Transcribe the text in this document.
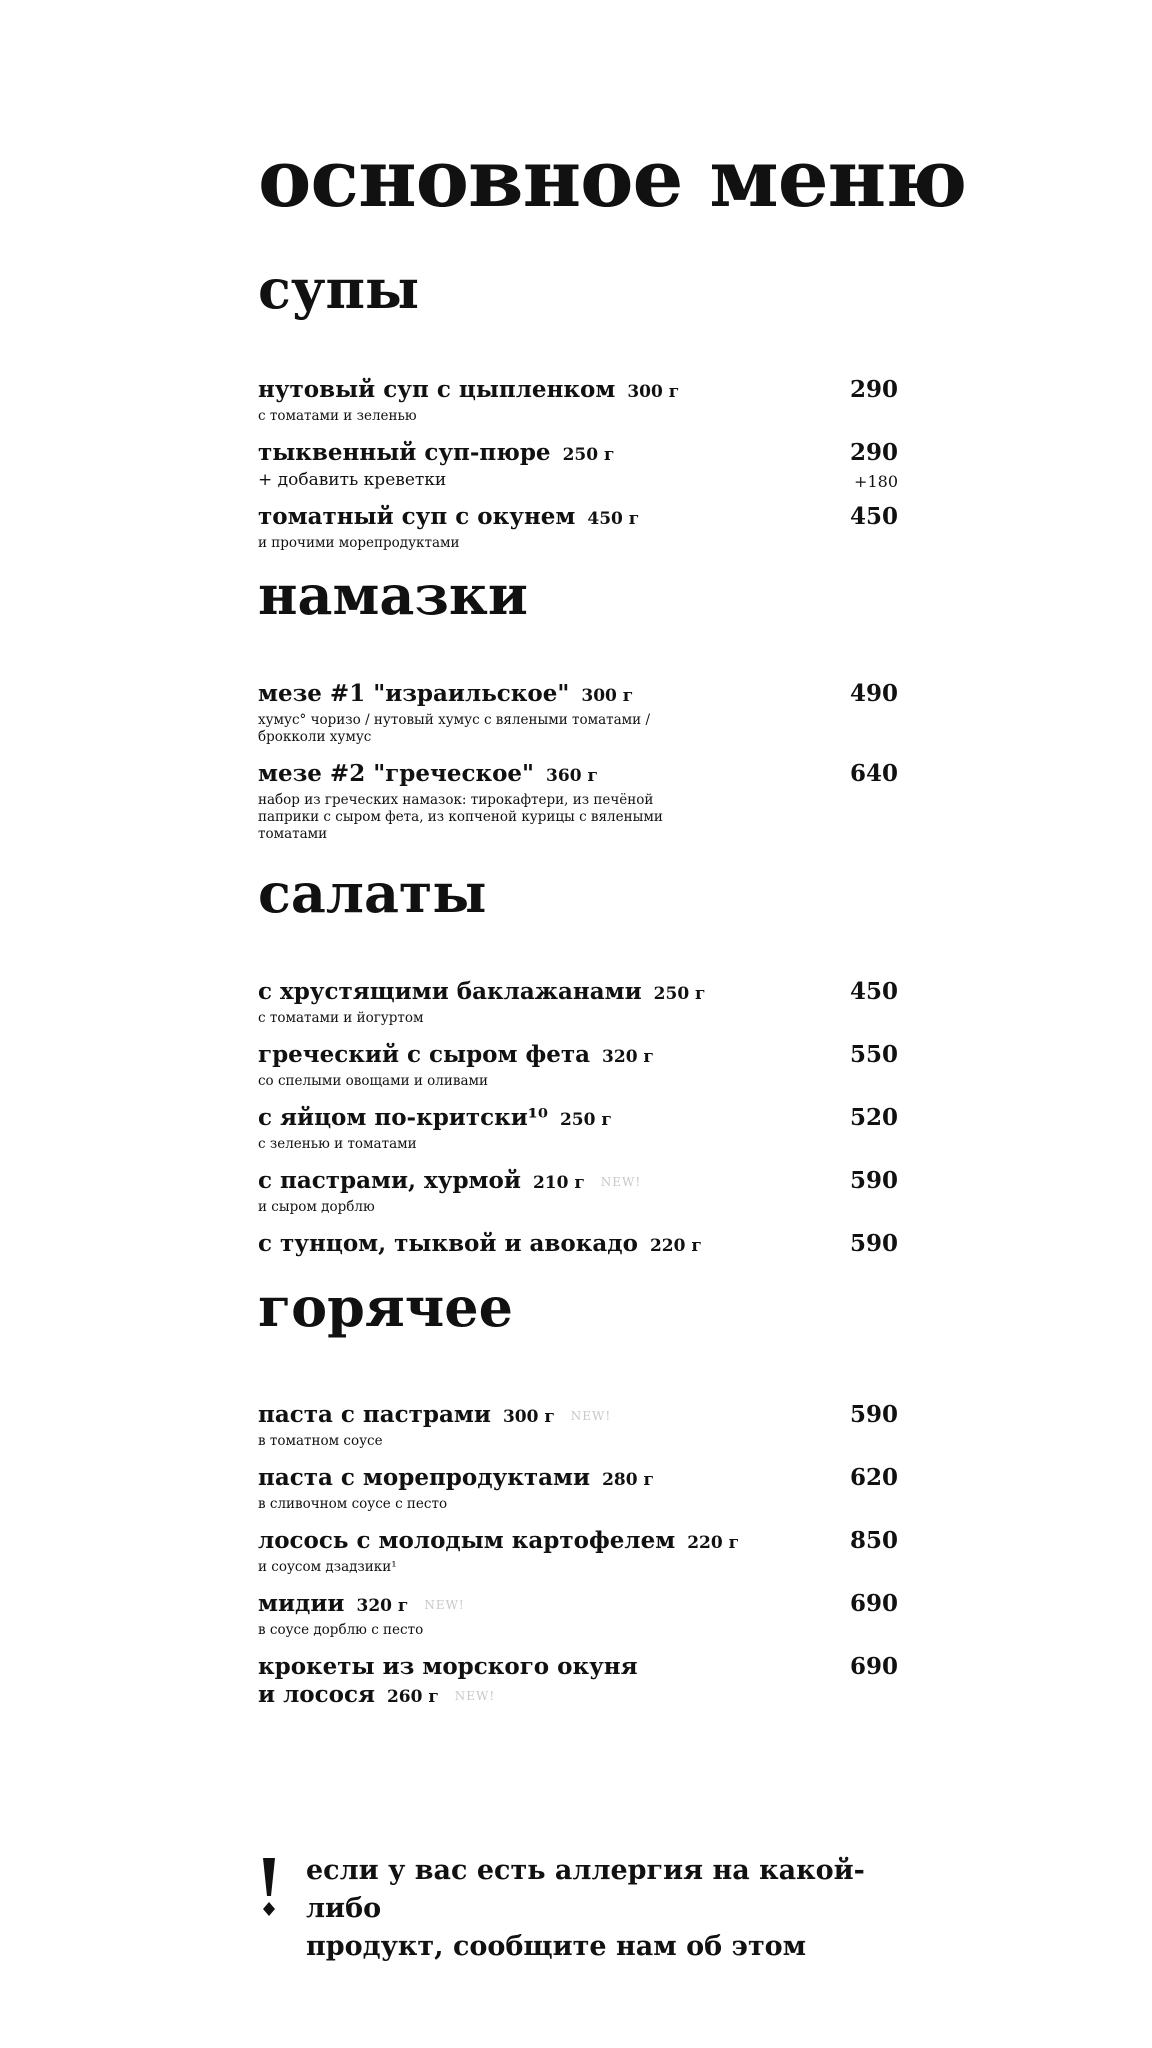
основное меню
супы
нутовый суп с цыпленком 300 г
с томатами и зеленью
290
тыквенный суп-пюре 250 г
+ добавить креветки
290
+180
томатный суп с окунем 450 г
и прочими морепродуктами
450
намазки
мезе #1 "израильское" 300 г
хумус° чоризо / нутовый хумус с вялеными томатами / брокколи хумус
490
мезе #2 "греческое" 360 г
набор из греческих намазок: тирокафтери, из печёной паприки с сыром фета, из копченой курицы с вялеными томатами
640
салаты
с хрустящими баклажанами 250 г
с томатами и йогуртом
450
греческий с сыром фета 320 г
со спелыми овощами и оливами
550
с яйцом по-критски¹⁰ 250 г
с зеленью и томатами
520
с пастрами, хурмой 210 г NEW!
и сыром дорблю
590
с тунцом, тыквой и авокадо 220 г	590
горячее
паста с пастрами 300 г NEW!
в томатном соусе
590
паста с морепродуктами 280 г
в сливочном соусе с песто
620
лосось с молодым картофелем 220 г
и соусом дзадзики¹
850
мидии 320 г NEW!
в соусе дорблю с песто
690
крокеты из морского окуня
и лосося 260 г NEW!
690

если у вас есть аллергия на какой-либо
продукт, сообщите нам об этом
